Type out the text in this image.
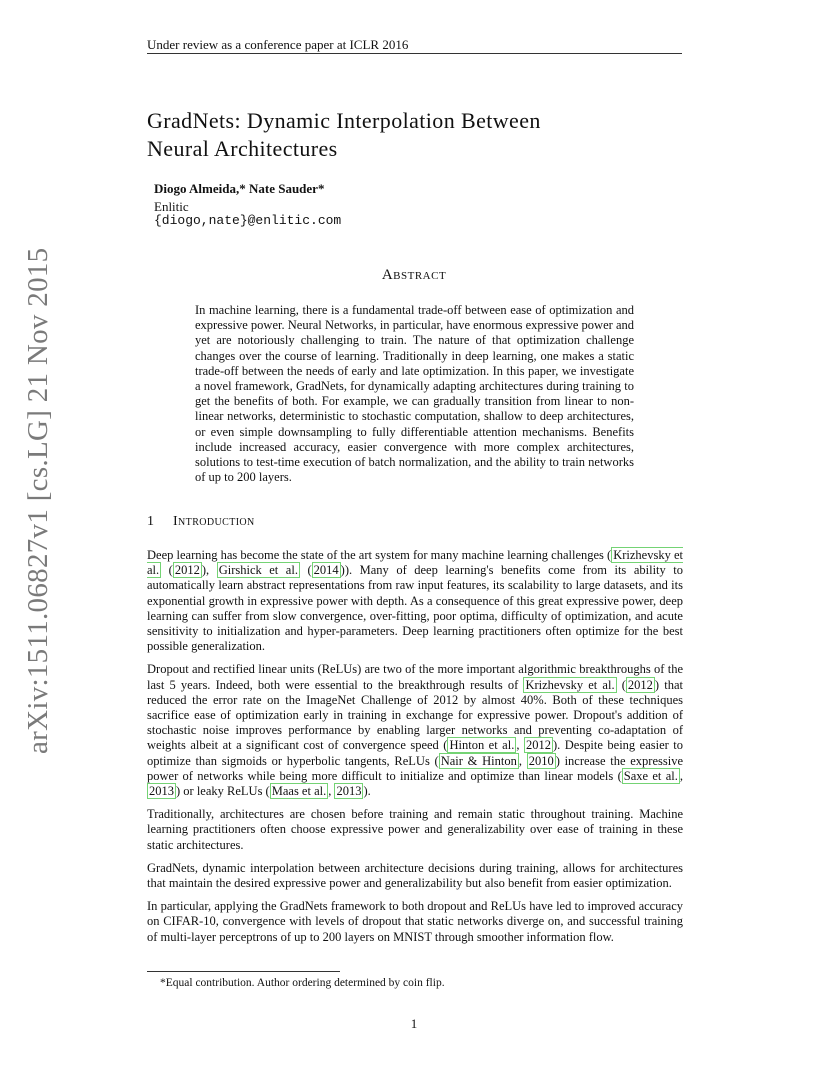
Under review as a conference paper at ICLR 2016
GradNets: Dynamic Interpolation Between
Neural Architectures
Diogo Almeida,* Nate Sauder*
Enlitic
{diogo,nate}@enlitic.com
arXiv:1511.06827v1 [cs.LG] 21 Nov 2015	Abstract
In machine learning, there is a fundamental trade-off between ease of optimization and expressive power. Neural Networks, in particular, have enormous expressive power and yet are notoriously challenging to train. The nature of that optimization challenge changes over the course of learning. Traditionally in deep learning, one makes a static trade-off between the needs of early and late optimization. In this paper, we investigate a novel framework, GradNets, for dynamically adapting architectures during training to get the benefits of both. For example, we can gradually transition from linear to non-linear networks, deterministic to stochastic computation, shallow to deep architectures, or even simple downsampling to fully differentiable attention mechanisms. Benefits include increased accuracy, easier convergence with more complex architectures, solutions to test-time execution of batch normalization, and the ability to train networks of up to 200 layers.
1 Introduction

Deep learning has become the state of the art system for many machine learning challenges ( Krizhevsky et al. ( 2012 ), Girshick et al. ( 2014 )). Many of deep learning's benefits come from its ability to automatically learn abstract representations from raw input features, its scalability to large datasets, and its exponential growth in expressive power with depth. As a consequence of this great expressive power, deep learning can suffer from slow convergence, over-fitting, poor optima, difficulty of optimization, and acute sensitivity to initialization and hyper-parameters. Deep learning practitioners often optimize for the best possible generalization.

Dropout and rectified linear units (ReLUs) are two of the more important algorithmic breakthroughs of the last 5 years. Indeed, both were essential to the breakthrough results of Krizhevsky et al. ( 2012 ) that reduced the error rate on the ImageNet Challenge of 2012 by almost 40%. Both of these techniques sacrifice ease of optimization early in training in exchange for expressive power. Dropout's addition of stochastic noise improves performance by enabling larger networks and preventing co-adaptation of weights albeit at a significant cost of convergence speed ( Hinton et al. , 2012 ). Despite being easier to optimize than sigmoids or hyperbolic tangents, ReLUs ( Nair & Hinton , 2010 ) increase the expressive power of networks while being more difficult to initialize and optimize than linear models ( Saxe et al. , 2013 ) or leaky ReLUs ( Maas et al. , 2013 ).

Traditionally, architectures are chosen before training and remain static throughout training. Machine learning practitioners often choose expressive power and generalizability over ease of training in these static architectures.

GradNets, dynamic interpolation between architecture decisions during training, allows for architectures that maintain the desired expressive power and generalizability but also benefit from easier optimization.

In particular, applying the GradNets framework to both dropout and ReLUs have led to improved accuracy on CIFAR-10, convergence with levels of dropout that static networks diverge on, and successful training of multi-layer perceptrons of up to 200 layers on MNIST through smoother information flow.

*Equal contribution. Author ordering determined by coin flip.
1
